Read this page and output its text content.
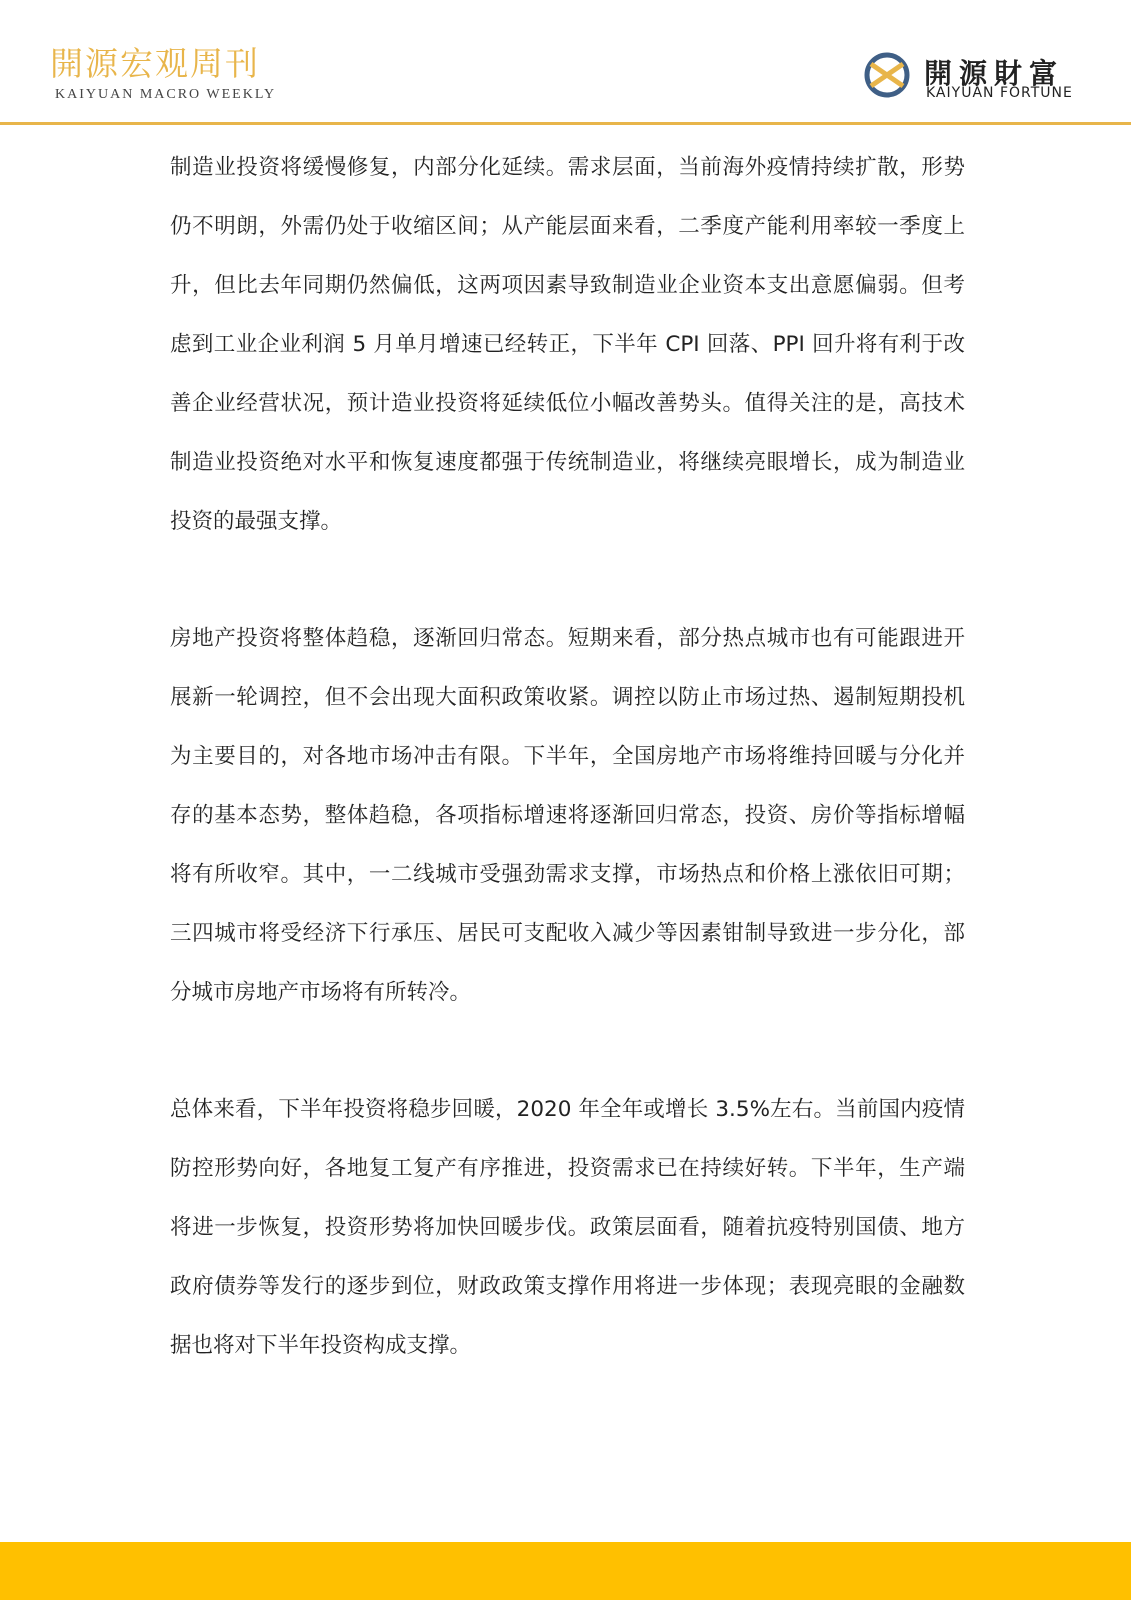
開源宏观周刊
KAIYUAN MACRO WEEKLY
開源財富
KAIYUAN FORTUNE

制造业投资将缓慢修复，内部分化延续。需求层面，当前海外疫情持续扩散，形势仍不明朗，外需仍处于收缩区间；从产能层面来看，二季度产能利用率较一季度上升，但比去年同期仍然偏低，这两项因素导致制造业企业资本支出意愿偏弱。但考虑到工业企业利润 5 月单月增速已经转正，下半年 CPI 回落、PPI 回升将有利于改善企业经营状况，预计造业投资将延续低位小幅改善势头。值得关注的是，高技术制造业投资绝对水平和恢复速度都强于传统制造业，将继续亮眼增长，成为制造业投资的最强支撑。

房地产投资将整体趋稳，逐渐回归常态。短期来看，部分热点城市也有可能跟进开展新一轮调控，但不会出现大面积政策收紧。调控以防止市场过热、遏制短期投机为主要目的，对各地市场冲击有限。下半年，全国房地产市场将维持回暖与分化并存的基本态势，整体趋稳，各项指标增速将逐渐回归常态，投资、房价等指标增幅将有所收窄。其中，一二线城市受强劲需求支撑，市场热点和价格上涨依旧可期；三四城市将受经济下行承压、居民可支配收入减少等因素钳制导致进一步分化，部分城市房地产市场将有所转冷。

总体来看，下半年投资将稳步回暖，2020 年全年或增长 3.5%左右。当前国内疫情防控形势向好，各地复工复产有序推进，投资需求已在持续好转。下半年，生产端将进一步恢复，投资形势将加快回暖步伐。政策层面看，随着抗疫特别国债、地方政府债券等发行的逐步到位，财政政策支撑作用将进一步体现；表现亮眼的金融数据也将对下半年投资构成支撑。
